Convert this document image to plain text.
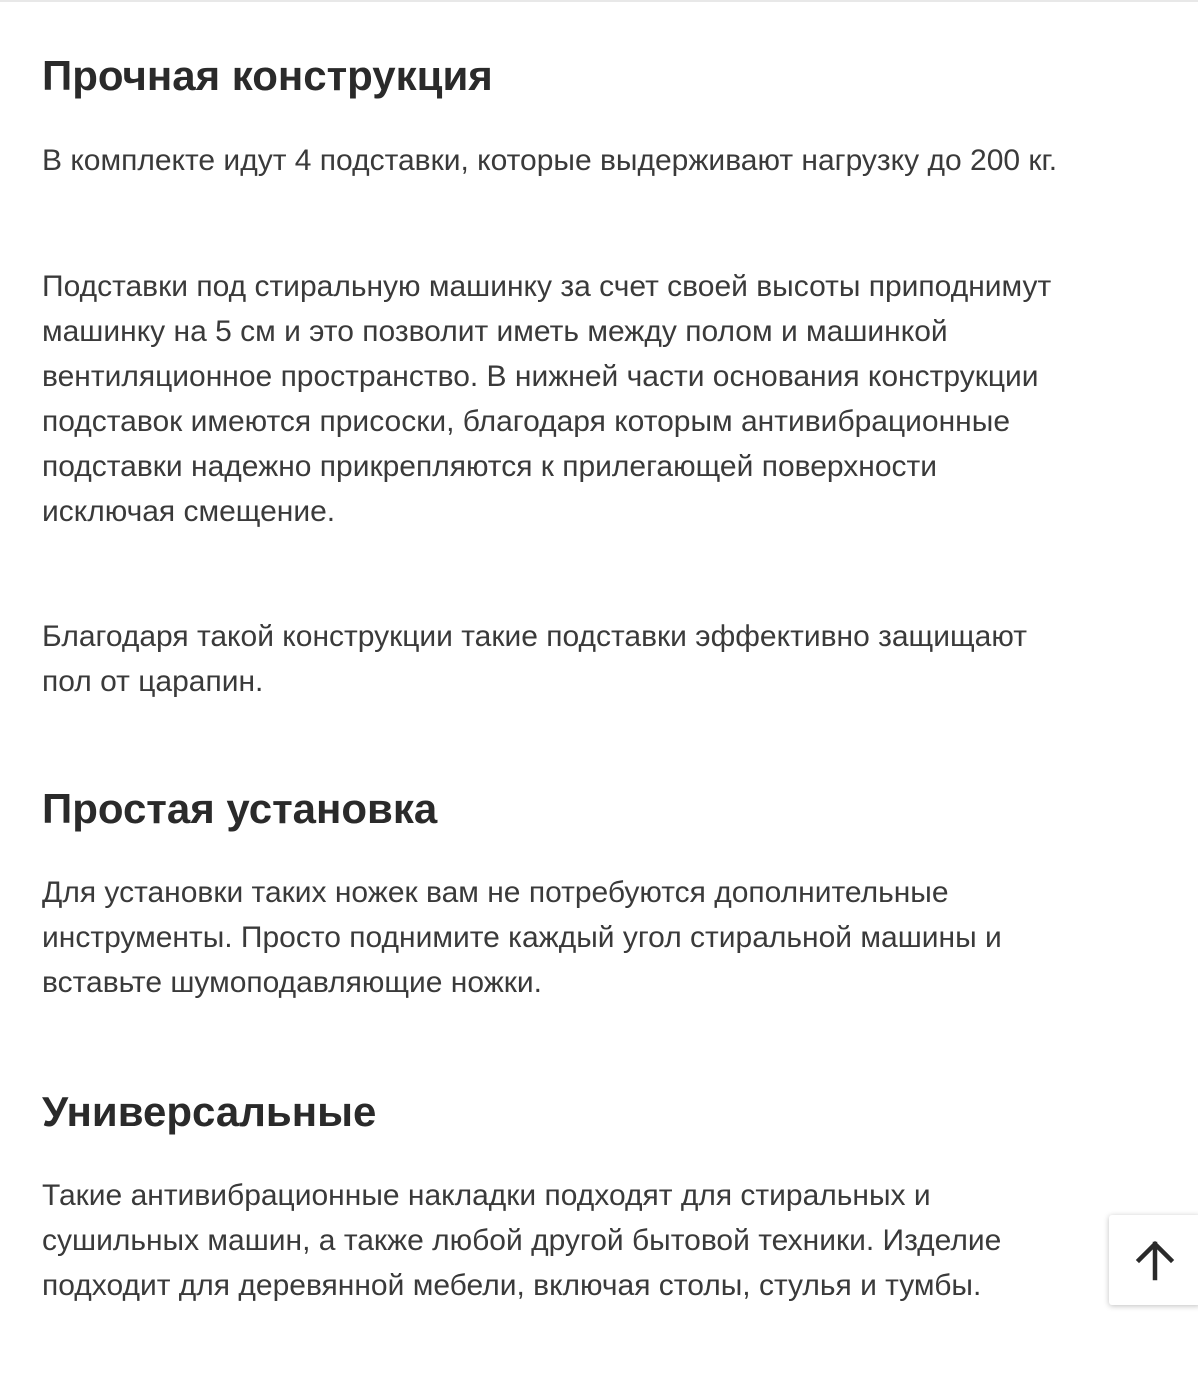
Прочная конструкция

В комплекте идут 4 подставки, которые выдерживают нагрузку до 200 кг.

Подставки под стиральную машинку за счет своей высоты приподнимут
машинку на 5 см и это позволит иметь между полом и машинкой
вентиляционное пространство. В нижней части основания конструкции
подставок имеются присоски, благодаря которым антивибрационные
подставки надежно прикрепляются к прилегающей поверхности
исключая смещение.

Благодаря такой конструкции такие подставки эффективно защищают
пол от царапин.

Простая установка

Для установки таких ножек вам не потребуются дополнительные
инструменты. Просто поднимите каждый угол стиральной машины и
вставьте шумоподавляющие ножки.

Универсальные

Такие антивибрационные накладки подходят для стиральных и
сушильных машин, а также любой другой бытовой техники. Изделие
подходит для деревянной мебели, включая столы, стулья и тумбы.
